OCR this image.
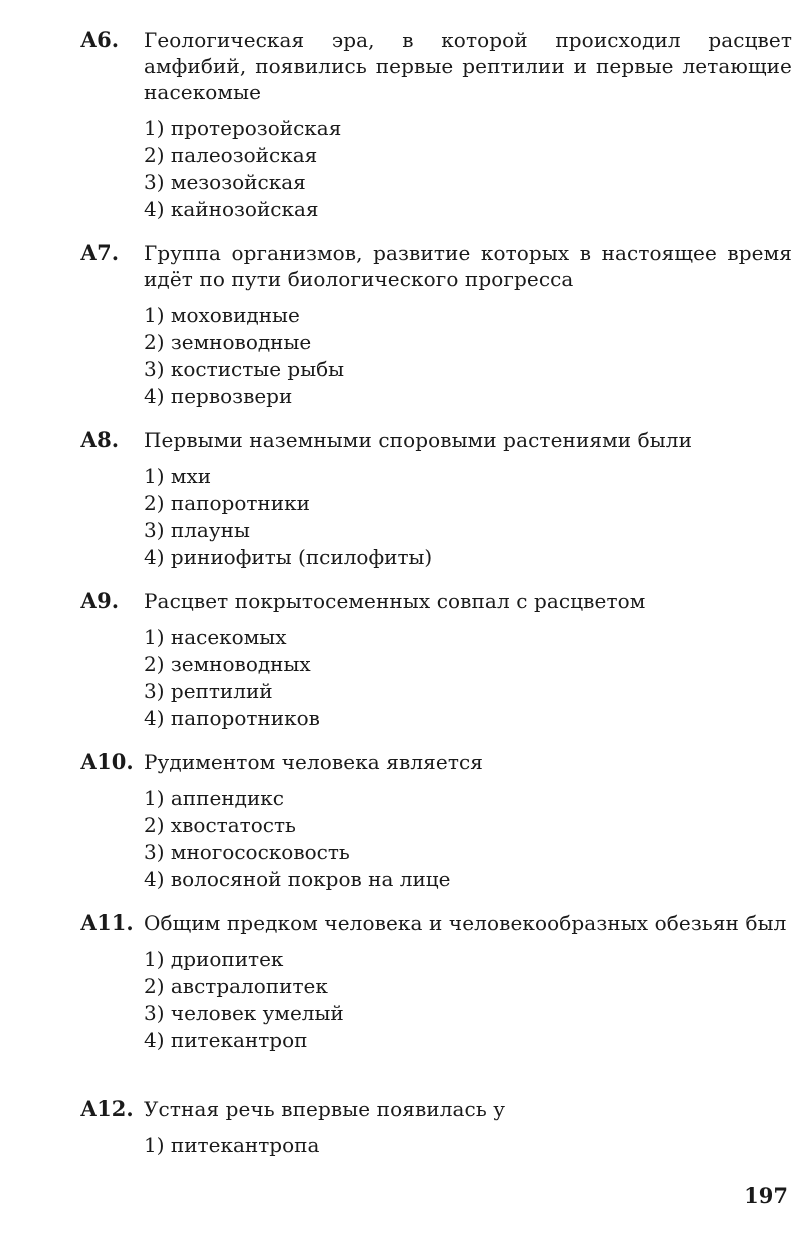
А6. Геологическая эра, в которой происходил расцвет амфибий, появились первые рептилии и первые летающие насекомые
1) протерозойская
2) палеозойская
3) мезозойская
4) кайнозойская
А7. Группа организмов, развитие которых в настоящее время идёт по пути биологического прогресса
1) моховидные
2) земноводные
3) костистые рыбы
4) первозвери
А8. Первыми наземными споровыми растениями были
1) мхи
2) папоротники
3) плауны
4) риниофиты (псилофиты)
А9. Расцвет покрытосеменных совпал с расцветом
1) насекомых
2) земноводных
3) рептилий
4) папоротников
А10. Рудиментом человека является
1) аппендикс
2) хвостатость
3) многососковость
4) волосяной покров на лице
А11. Общим предком человека и человекообразных обезьян был
1) дриопитек
2) австралопитек
3) человек умелый
4) питекантроп
А12. Устная речь впервые появилась у
1) питекантропа
197
